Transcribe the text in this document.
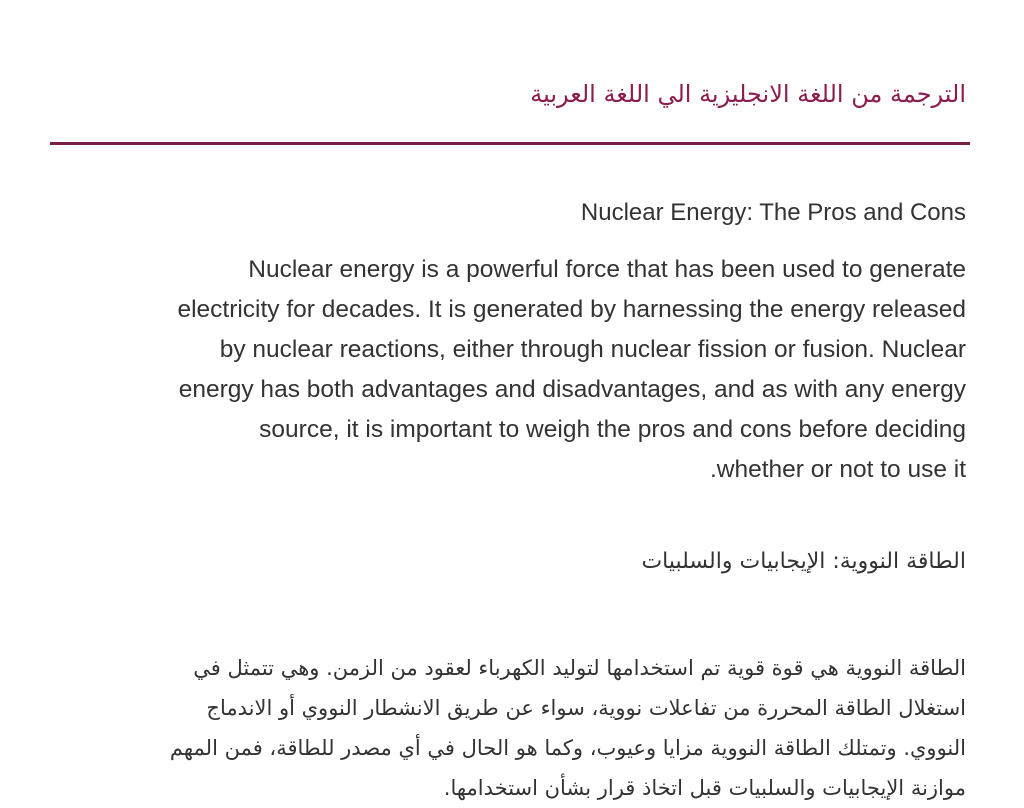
الترجمة من اللغة الانجليزية الي اللغة العربية
Nuclear Energy: The Pros and Cons
Nuclear energy is a powerful force that has been used to generate
electricity for decades. It is generated by harnessing the energy released
by nuclear reactions, either through nuclear fission or fusion. Nuclear
energy has both advantages and disadvantages, and as with any energy
source, it is important to weigh the pros and cons before deciding
.whether or not to use it
الطاقة النووية: الإيجابيات والسلبيات
الطاقة النووية هي قوة قوية تم استخدامها لتوليد الكهرباء لعقود من الزمن. وهي تتمثل في
استغلال الطاقة المحررة من تفاعلات نووية، سواء عن طريق الانشطار النووي أو الاندماج
النووي. وتمتلك الطاقة النووية مزايا وعيوب، وكما هو الحال في أي مصدر للطاقة، فمن المهم
موازنة الإيجابيات والسلبيات قبل اتخاذ قرار بشأن استخدامها.
